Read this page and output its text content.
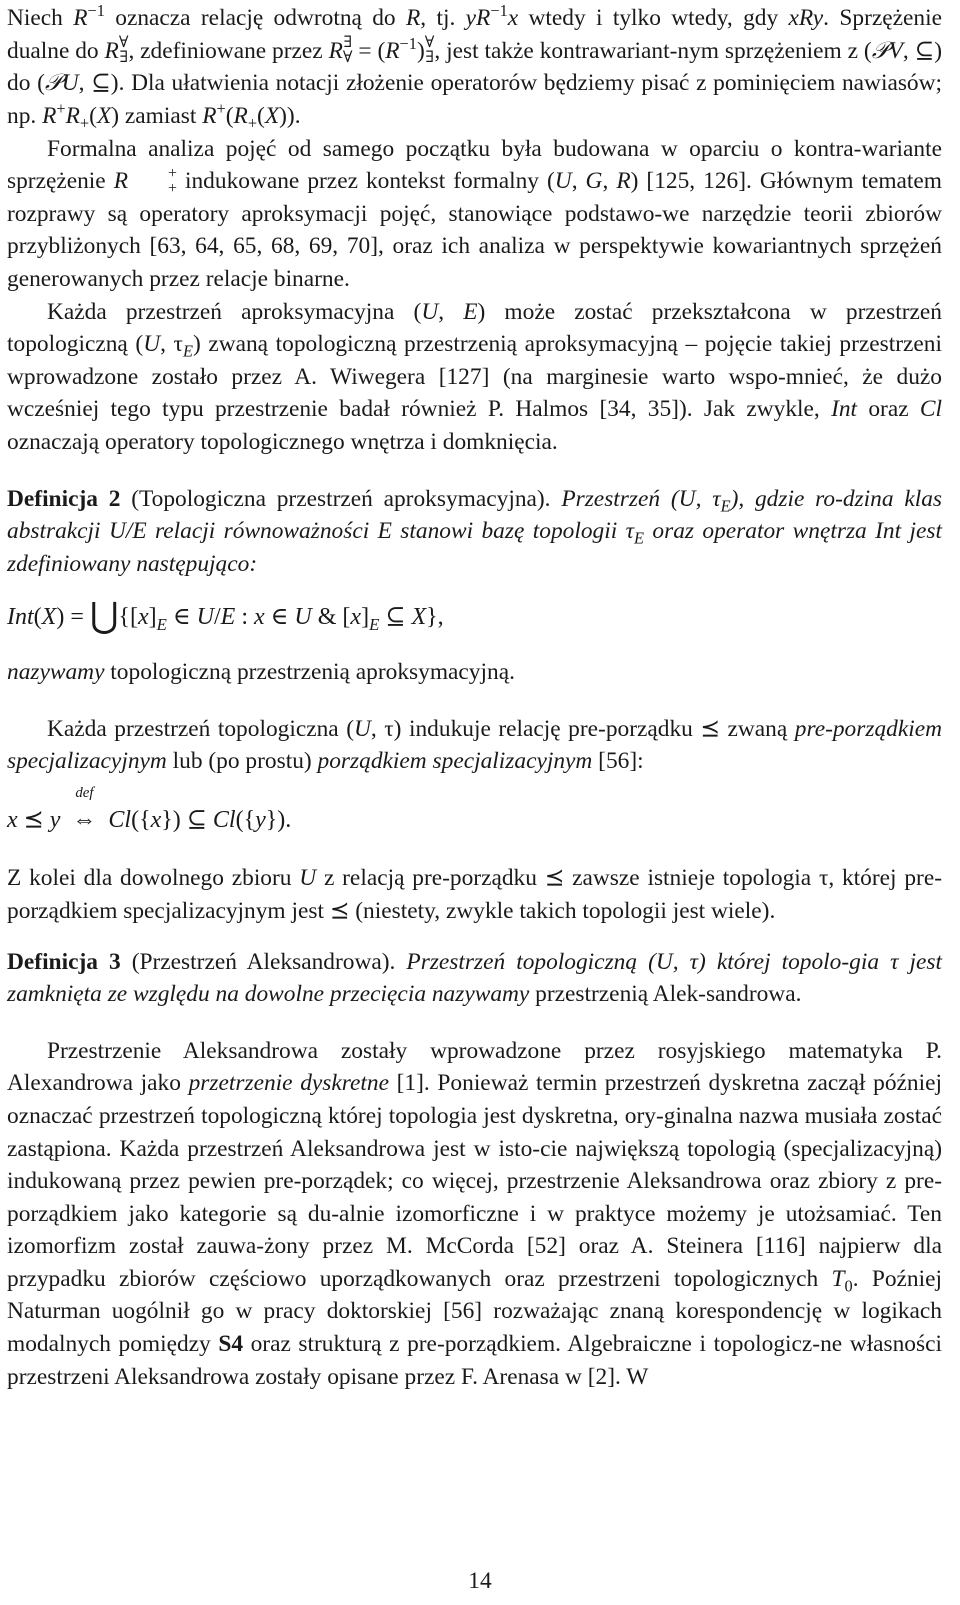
Niech $R^{-1}$ oznacza relację odwrotną do R, tj. $yR^{-1}x$ wtedy i tylko wtedy, gdy xRy. Sprzężenie dualne do R ∀
∃ , zdefiniowane przez R ∃
∀ = $(R^{-1})$ ∀
∃ , jest także kontrawariant-nym sprzężeniem z (𝒫V, ⊆) do (𝒫U, ⊆). Dla ułatwienia notacji złożenie operatorów będziemy pisać z pominięciem nawiasów; np. $R^+R_+(X)$ zamiast $R^+(R_+(X))$.

Formalna analiza pojęć od samego początku była budowana w oparciu o kontra-wariante sprzężenie R	+
+ indukowane przez kontekst formalny (U, G, R) [125, 126]. Głównym tematem rozprawy są operatory aproksymacji pojęć, stanowiące podstawo-we narzędzie teorii zbiorów przybliżonych [63, 64, 65, 68, 69, 70], oraz ich analiza w perspektywie kowariantnych sprzężeń generowanych przez relacje binarne.

Każda przestrzeń aproksymacyjna (U, E) może zostać przekształcona w przestrzeń topologiczną (U, $\tau_E$) zwaną topologiczną przestrzenią aproksymacyjną – pojęcie takiej przestrzeni wprowadzone zostało przez A. Wiwegera [127] (na marginesie warto wspo-mnieć, że dużo wcześniej tego typu przestrzenie badał również P. Halmos [34, 35]). Jak zwykle, Int oraz Cl oznaczają operatory topologicznego wnętrza i domknięcia.

Definicja 2 (Topologiczna przestrzeń aproksymacyjna). Przestrzeń (U, $\tau_E$), gdzie ro-dzina klas abstrakcji U/E relacji równoważności E stanowi bazę topologii $\tau_E$ oraz operator wnętrza Int jest zdefiniowany następująco:

$Int(X) = ⋃\{[x]_E$ ∈ U/E : x ∈ U & $[x]_E$ ⊆ X},

nazywamy topologiczną przestrzenią aproksymacyjną.

Każda przestrzeń topologiczna (U, τ) indukuje relację pre-porządku ⪯ zwaną pre-porządkiem specjalizacyjnym lub (po prostu) porządkiem specjalizacyjnym [56]:

x ⪯ y
def
⇔ Cl({x}) ⊆ Cl({y}).

Z kolei dla dowolnego zbioru U z relacją pre-porządku ⪯ zawsze istnieje topologia τ, której pre-porządkiem specjalizacyjnym jest ⪯ (niestety, zwykle takich topologii jest wiele).

Definicja 3 (Przestrzeń Aleksandrowa). Przestrzeń topologiczną (U, τ) której topolo-gia τ jest zamknięta ze względu na dowolne przecięcia nazywamy przestrzenią Alek-sandrowa.

Przestrzenie Aleksandrowa zostały wprowadzone przez rosyjskiego matematyka P. Alexandrowa jako przetrzenie dyskretne [1]. Ponieważ termin przestrzeń dyskretna zaczął później oznaczać przestrzeń topologiczną której topologia jest dyskretna, ory-ginalna nazwa musiała zostać zastąpiona. Każda przestrzeń Aleksandrowa jest w isto-cie największą topologią (specjalizacyjną) indukowaną przez pewien pre-porządek; co więcej, przestrzenie Aleksandrowa oraz zbiory z pre-porządkiem jako kategorie są du-alnie izomorficzne i w praktyce możemy je utożsamiać. Ten izomorfizm został zauwa-żony przez M. McCorda [52] oraz A. Steinera [116] najpierw dla przypadku zbiorów częściowo uporządkowanych oraz przestrzeni topologicznych $T_0$. Poźniej Naturman uogólnił go w pracy doktorskiej [56] rozważając znaną korespondencję w logikach modalnych pomiędzy S4 oraz strukturą z pre-porządkiem. Algebraiczne i topologicz-ne własności przestrzeni Aleksandrowa zostały opisane przez F. Arenasa w [2]. W

14
